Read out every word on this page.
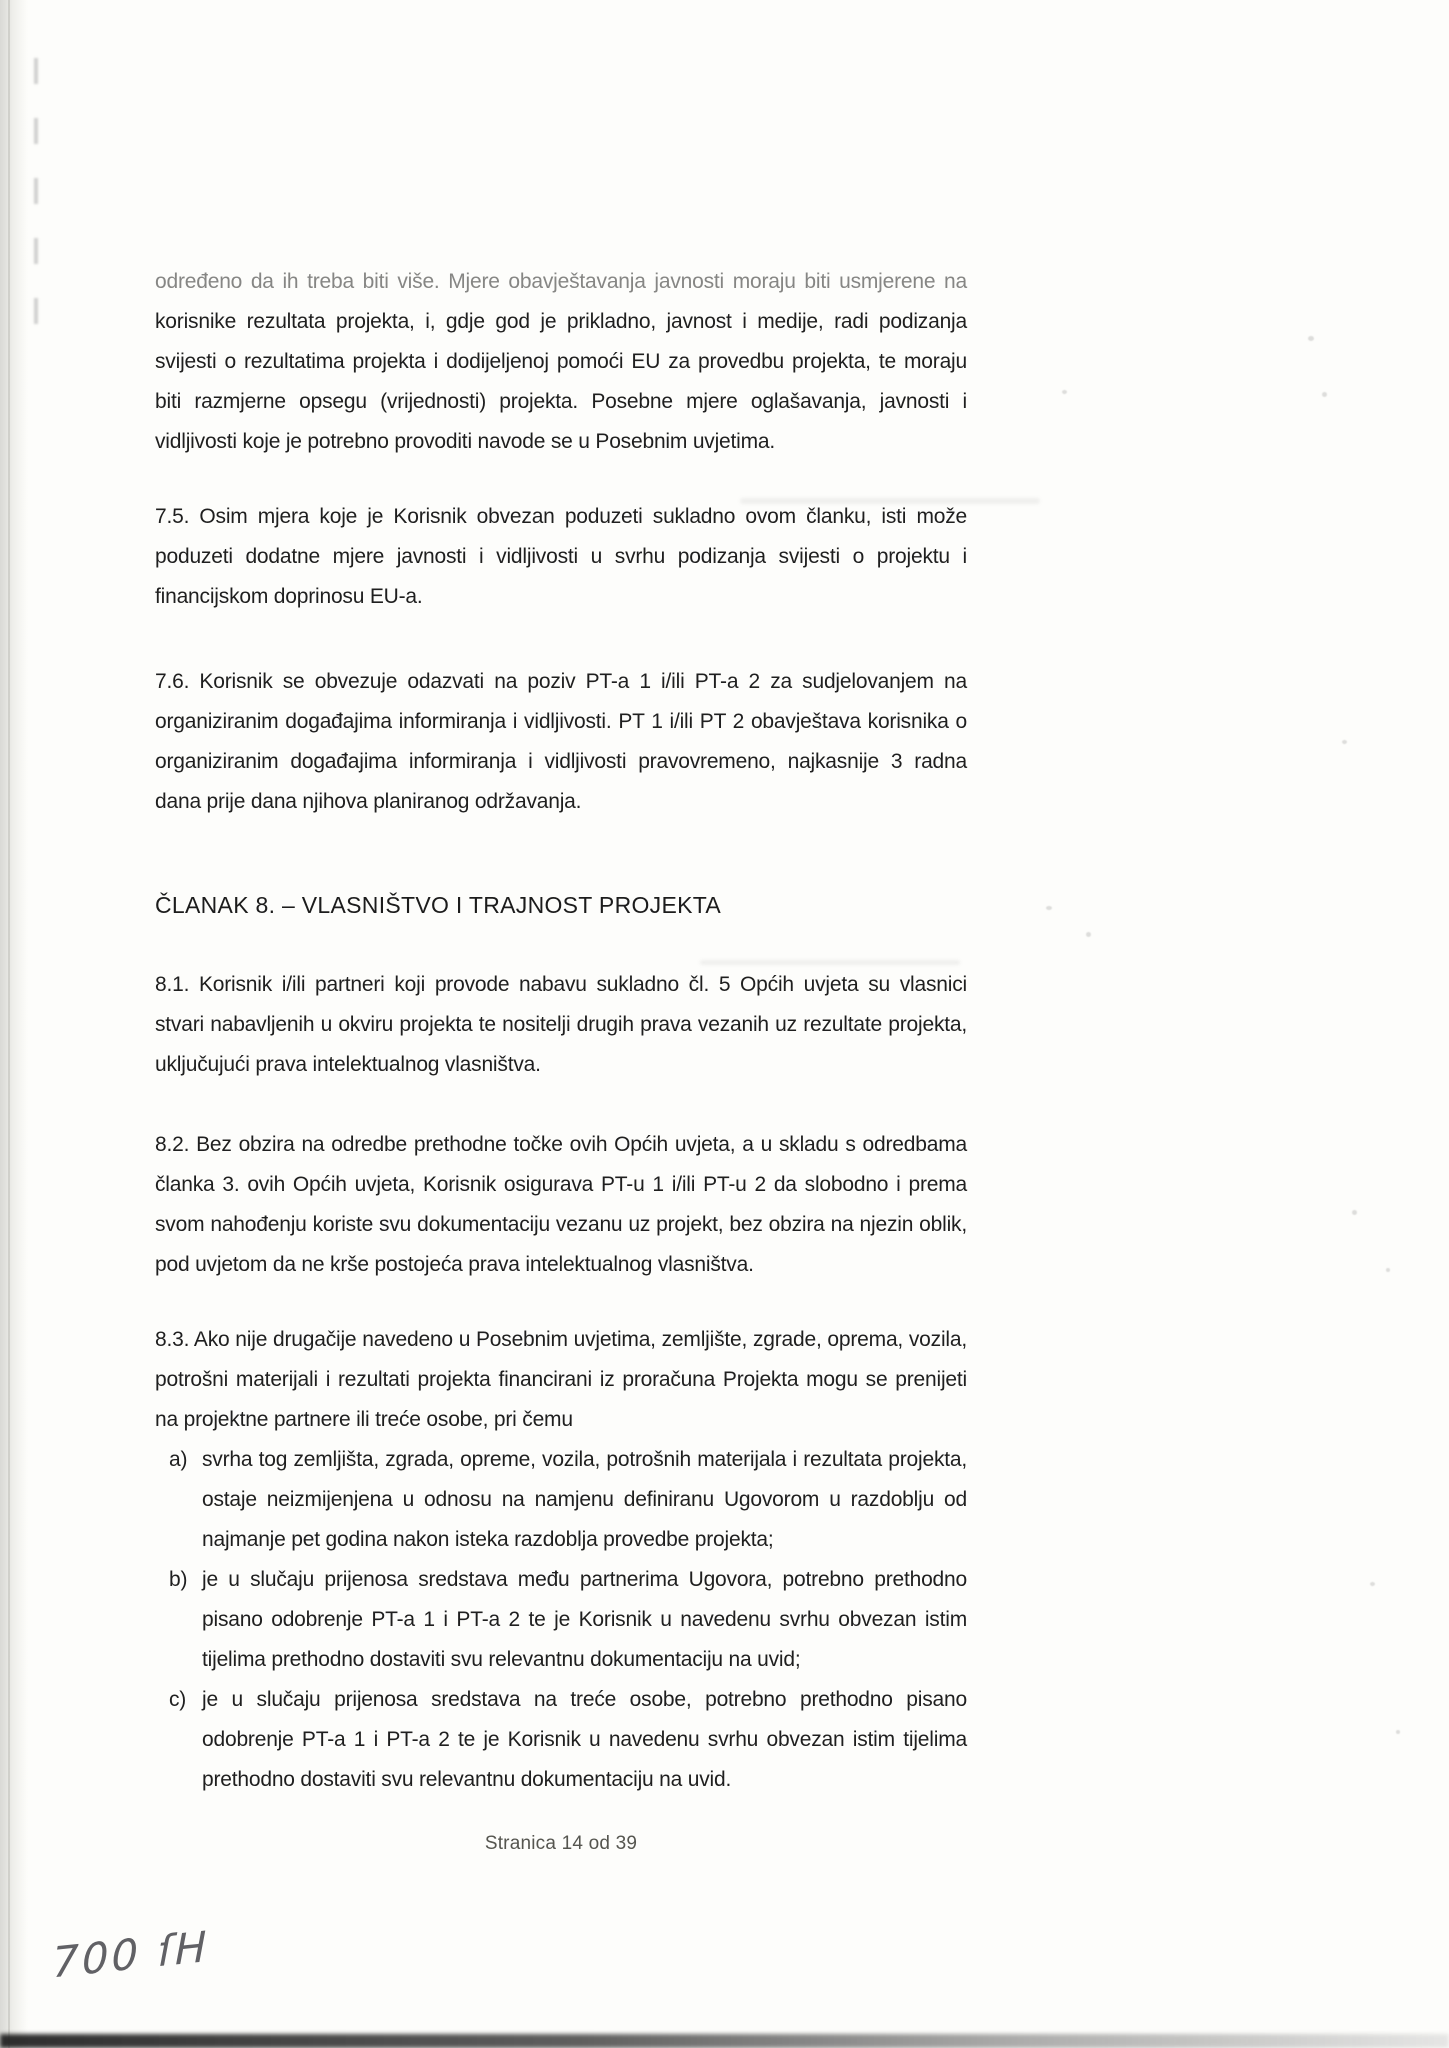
određeno da ih treba biti više. Mjere obavještavanja javnosti moraju biti usmjerene na korisnike rezultata projekta, i, gdje god je prikladno, javnost i medije, radi podizanja svijesti o rezultatima projekta i dodijeljenoj pomoći EU za provedbu projekta, te moraju biti razmjerne opsegu (vrijednosti) projekta. Posebne mjere oglašavanja, javnosti i vidljivosti koje je potrebno provoditi navode se u Posebnim uvjetima.

7.5. Osim mjera koje je Korisnik obvezan poduzeti sukladno ovom članku, isti može poduzeti dodatne mjere javnosti i vidljivosti u svrhu podizanja svijesti o projektu i financijskom doprinosu EU-a.

7.6. Korisnik se obvezuje odazvati na poziv PT-a 1 i/ili PT-a 2 za sudjelovanjem na organiziranim događajima informiranja i vidljivosti. PT 1 i/ili PT 2 obavještava korisnika o organiziranim događajima informiranja i vidljivosti pravovremeno, najkasnije 3 radna dana prije dana njihova planiranog održavanja.

ČLANAK 8. – VLASNIŠTVO I TRAJNOST PROJEKTA

8.1. Korisnik i/ili partneri koji provode nabavu sukladno čl. 5 Općih uvjeta su vlasnici stvari nabavljenih u okviru projekta te nositelji drugih prava vezanih uz rezultate projekta, uključujući prava intelektualnog vlasništva.

8.2. Bez obzira na odredbe prethodne točke ovih Općih uvjeta, a u skladu s odredbama članka 3. ovih Općih uvjeta, Korisnik osigurava PT-u 1 i/ili PT-u 2 da slobodno i prema svom nahođenju koriste svu dokumentaciju vezanu uz projekt, bez obzira na njezin oblik, pod uvjetom da ne krše postojeća prava intelektualnog vlasništva.

8.3. Ako nije drugačije navedeno u Posebnim uvjetima, zemljište, zgrade, oprema, vozila, potrošni materijali i rezultati projekta financirani iz proračuna Projekta mogu se prenijeti na projektne partnere ili treće osobe, pri čemu

a) svrha tog zemljišta, zgrada, opreme, vozila, potrošnih materijala i rezultata projekta, ostaje neizmijenjena u odnosu na namjenu definiranu Ugovorom u razdoblju od najmanje pet godina nakon isteka razdoblja provedbe projekta;
b) je u slučaju prijenosa sredstava među partnerima Ugovora, potrebno prethodno pisano odobrenje PT-a 1 i PT-a 2 te je Korisnik u navedenu svrhu obvezan istim tijelima prethodno dostaviti svu relevantnu dokumentaciju na uvid;
c) je u slučaju prijenosa sredstava na treće osobe, potrebno prethodno pisano odobrenje PT-a 1 i PT-a 2 te je Korisnik u navedenu svrhu obvezan istim tijelima prethodno dostaviti svu relevantnu dokumentaciju na uvid.
Stranica 14 od 39
700 ſH
